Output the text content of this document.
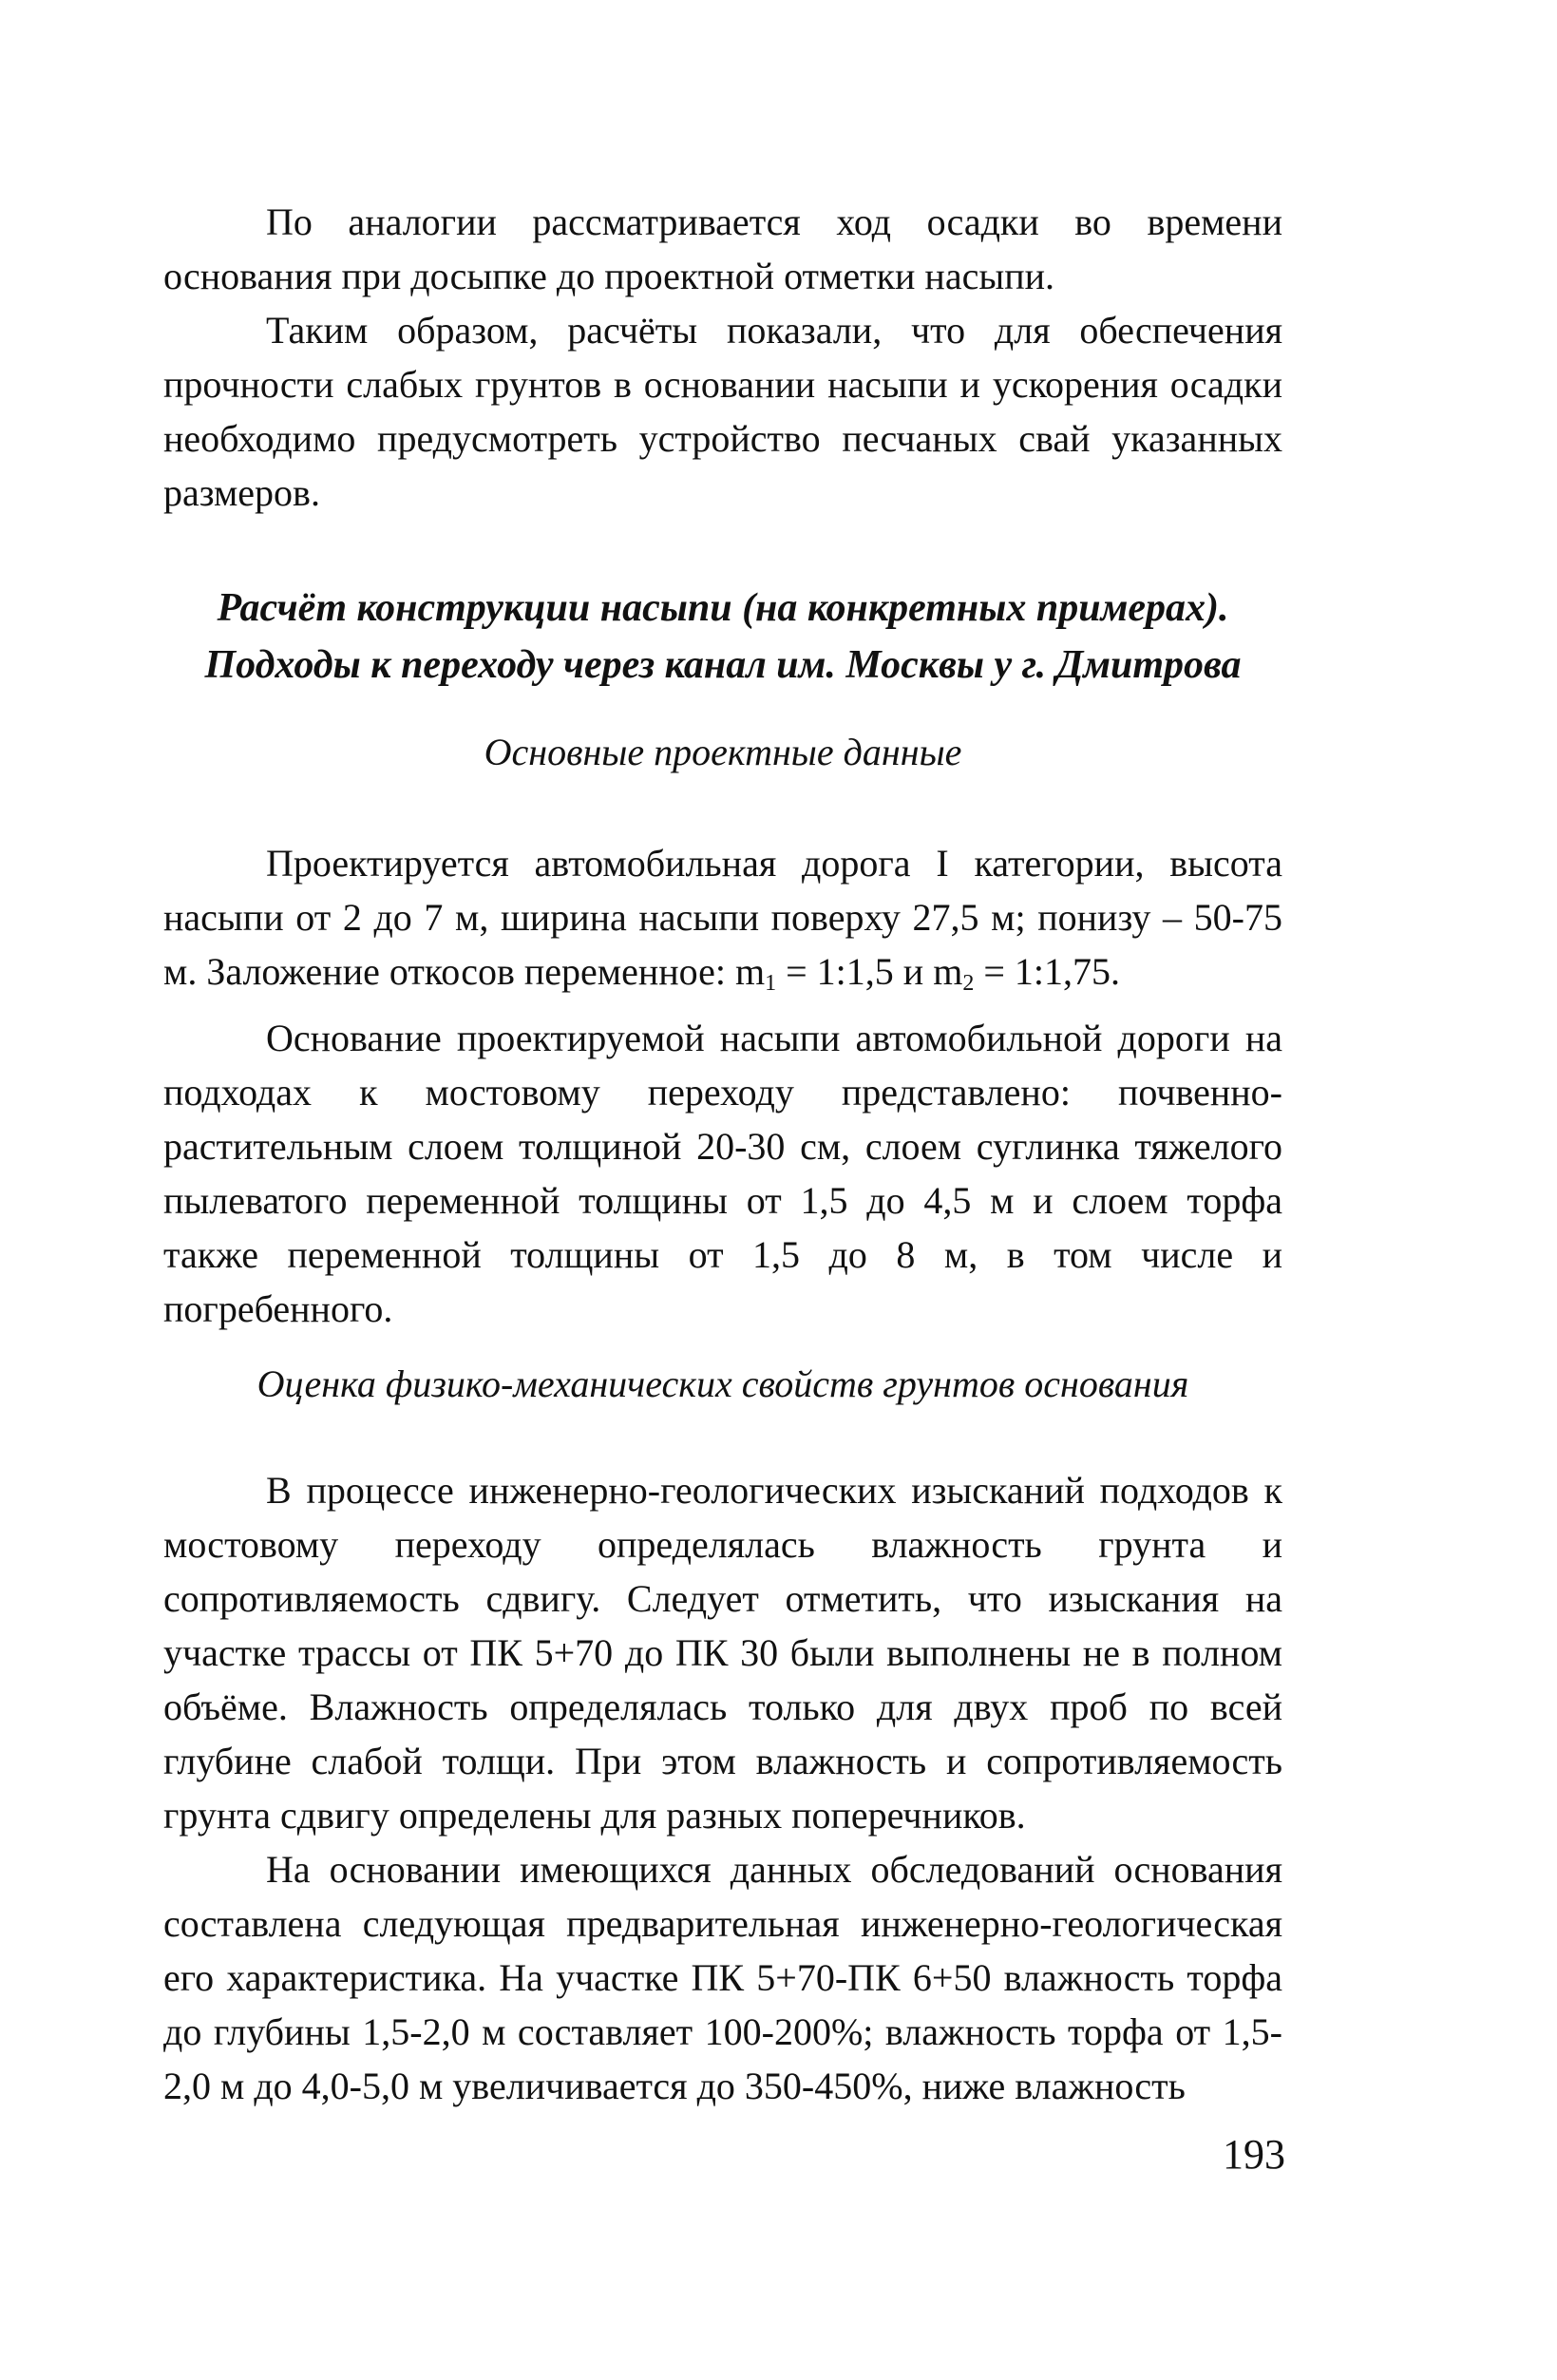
По аналогии рассматривается ход осадки во времени основания при досыпке до проектной отметки насыпи.

Таким образом, расчёты показали, что для обеспечения прочности слабых грунтов в основании насыпи и ускорения осадки необходимо предусмотреть устройство песчаных свай указанных размеров.

Расчёт конструкции насыпи (на конкретных примерах).
Подходы к переходу через канал им. Москвы у г. Дмитрова
Основные проектные данные

Проектируется автомобильная дорога I категории, высота насыпи от 2 до 7 м, ширина насыпи поверху 27,5 м; понизу – 50-75 м. Заложение откосов переменное: $m_1$ = 1:1,5 и $m_2$ = 1:1,75.

Основание проектируемой насыпи автомобильной дороги на подходах к мостовому переходу представлено: почвенно-растительным слоем толщиной 20-30 см, слоем суглинка тяжелого пылеватого переменной толщины от 1,5 до 4,5 м и слоем торфа также переменной толщины от 1,5 до 8 м, в том числе и погребенного.

Оценка физико-механических свойств грунтов основания

В процессе инженерно-геологических изысканий подходов к мостовому переходу определялась влажность грунта и сопротивляемость сдвигу. Следует отметить, что изыскания на участке трассы от ПК 5+70 до ПК 30 были выполнены не в полном объёме. Влажность определялась только для двух проб по всей глубине слабой толщи. При этом влажность и сопротивляемость грунта сдвигу определены для разных поперечников.

На основании имеющихся данных обследований основания составлена следующая предварительная инженерно-геологическая его характеристика. На участке ПК 5+70-ПК 6+50 влажность торфа до глубины 1,5-2,0 м составляет 100-200%; влажность торфа от 1,5-2,0 м до 4,0-5,0 м увеличивается до 350-450%, ниже влажность

193
